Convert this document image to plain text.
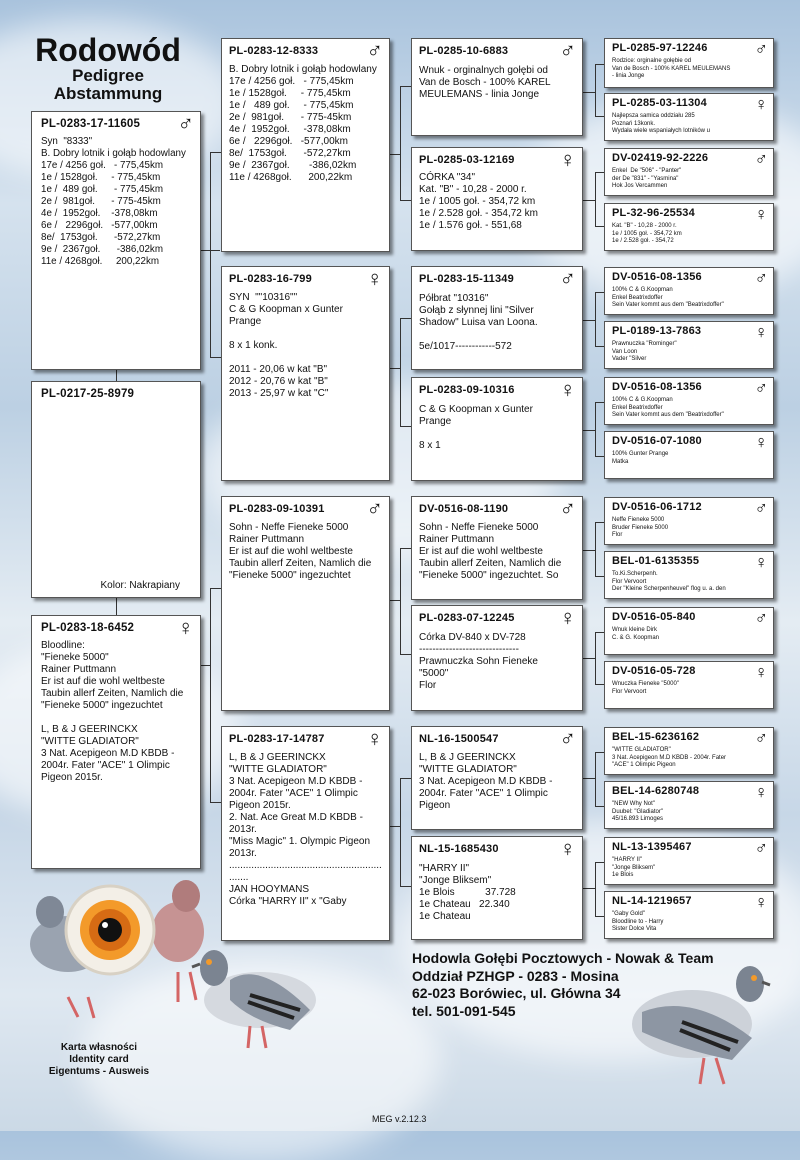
Rodowód
Pedigree
Abstammung
PL-0283-17-11605 ♂
Syn  "8333"
B. Dobry lotnik i gołąb hodowlany
17e / 4256 goł.   - 775,45km
1e / 1528goł.     - 775,45km
1e /  489 goł.      - 775,45km
2e /  981goł.      - 775-45km
4e /  1952goł.    -378,08km
6e /   2296goł.   -577,00km
8e/  1753goł.      -572,27km
9e /  2367goł.      -386,02km
11e / 4268goł.     200,22km
PL-0217-25-8979
Kolor: Nakrapiany
PL-0283-18-6452 ♀
Bloodline:
"Fieneke 5000"
Rainer Puttmann
Er ist auf die wohl weltbeste
Taubin allerf Zeiten, Namlich die
"Fieneke 5000" ingezuchtet

L, B & J GEERINCKX
"WITTE GLADIATOR"
3 Nat. Acepigeon M.D KBDB -
2004r. Fater "ACE" 1 Olimpic
Pigeon 2015r.
PL-0283-12-8333 ♂
B. Dobry lotnik i gołąb hodowlany
17e / 4256 goł.   - 775,45km
1e / 1528goł.     - 775,45km
1e /   489 goł.     - 775,45km
2e /  981goł.      - 775-45km
4e /  1952goł.     -378,08km
6e /   2296goł.   -577,00km
8e/  1753goł.      -572,27km
9e /  2367goł.       -386,02km
11e / 4268goł.      200,22km
PL-0283-16-799 ♀
SYN  ""10316""
C & G Koopman x Gunter
Prange

8 x 1 konk.

2011 - 20,06 w kat "B"
2012 - 20,76 w kat "B"
2013 - 25,97 w kat "C"
PL-0283-09-10391 ♂
Sohn - Neffe Fieneke 5000
Rainer Puttmann
Er ist auf die wohl weltbeste
Taubin allerf Zeiten, Namlich die
"Fieneke 5000" ingezuchtet
PL-0283-17-14787 ♀
L, B & J GEERINCKX
"WITTE GLADIATOR"
3 Nat. Acepigeon M.D KBDB -
2004r. Fater "ACE" 1 Olimpic
Pigeon 2015r.
2. Nat. Ace Great M.D KBDB -
2013r.
"Miss Magic" 1. Olympic Pigeon
2013r.
.......................................................
.......
JAN HOOYMANS
Córka "HARRY II" x "Gaby
PL-0285-10-6883 ♂
Wnuk - orginalnych gołębi od
Van de Bosch - 100% KAREL
MEULEMANS - linia Jonge
PL-0285-03-12169 ♀
CÓRKA "34"
Kat. "B" - 10,28 - 2000 r.
1e / 1005 goł. - 354,72 km
1e / 2.528 goł. - 354,72 km
1e / 1.576 goł. - 551,68
PL-0283-15-11349 ♂
Półbrat "10316"
Gołąb z słynnej lini "Silver
Shadow" Luisa van Loona.

5e/1017------------572
PL-0283-09-10316 ♀
C & G Koopman x Gunter
Prange

8 x 1
DV-0516-08-1190 ♂
Sohn - Neffe Fieneke 5000
Rainer Puttmann
Er ist auf die wohl weltbeste
Taubin allerf Zeiten, Namlich die
"Fieneke 5000" ingezuchtet. So
PL-0283-07-12245 ♀
Córka DV-840 x DV-728
------------------------------
Prawnuczka Sohn Fieneke
"5000"
Flor
NL-16-1500547	♂
L, B & J GEERINCKX
"WITTE GLADIATOR"
3 Nat. Acepigeon M.D KBDB -
2004r. Fater "ACE" 1 Olimpic
Pigeon
NL-15-1685430	♀
"HARRY II"
"Jonge Bliksem"
1e Blois           37.728
1e Chateau   22.340
1e Chateau
PL-0285-97-12246	♂
Rodzice: orginalne gołębie od
Van de Bosch - 100% KAREL MEULEMANS
- linia Jonge
PL-0285-03-11304	♀
Najlepsza samica oddziału 285
Poznań 13konk.
Wydała wiele wspaniałych lotników u
DV-02419-92-2226	♂
Enkel  De "506" - "Panter"
der De "831" - "Yasmina"
Hok Jos Vercammen
PL-32-96-25534	♀
Kat. "B" - 10,28 - 2000 r.
1e / 1005 goł. - 354,72 km
1e / 2.528 goł. - 354,72
DV-0516-08-1356	♂
100% C & G.Koopman
Enkel Beatrixdoffer
Sein Vater kommt aus dem "Beatrixdoffer"
PL-0189-13-7863	♀
Prawnuczka "Rominger"
Van Loon
Vader "Silver
DV-0516-08-1356	♂
100% C & G.Koopman
Enkel Beatrixdoffer
Sein Vater kommt aus dem "Beatrixdoffer"
DV-0516-07-1080	♀
100% Gunter Prange
Matka
DV-0516-06-1712	♂
Neffe Fieneke 5000
Bruder Fieneke 5000
Flor
BEL-01-6135355	♀
To.Ki.Scherpenh.
Flor Vervoort
Der "Kleine Scherpenheuvel" flog u. a. den
DV-0516-05-840	♂
Wnuk kleine Dirk
C. & G. Koopman
DV-0516-05-728	♀
Wnuczka Fieneke "5000"
Flor Vervoort
BEL-15-6236162	♂
"WITTE GLADIATOR"
3 Nat. Acepigeon M.D KBDB - 2004r. Fater
"ACE" 1 Olimpic Pigeon
BEL-14-6280748	♀
"NEW Why Not"
Duubel: "Gladiator"
45/16.893 Limoges
NL-13-1395467	♂
"HARRY II"
"Jonge Bliksem"
1e Blois
NL-14-1219657	♀
"Gaby Gold"
Bloodline to - Harry
Sister Dolce Vita
Hodowla Gołębi Pocztowych - Nowak & Team
Oddział PZHGP - 0283 - Mosina
62-023 Borówiec, ul. Główna 34
tel. 501-091-545
Karta własności
Identity card
Eigentums - Ausweis
MEG v.2.12.3
